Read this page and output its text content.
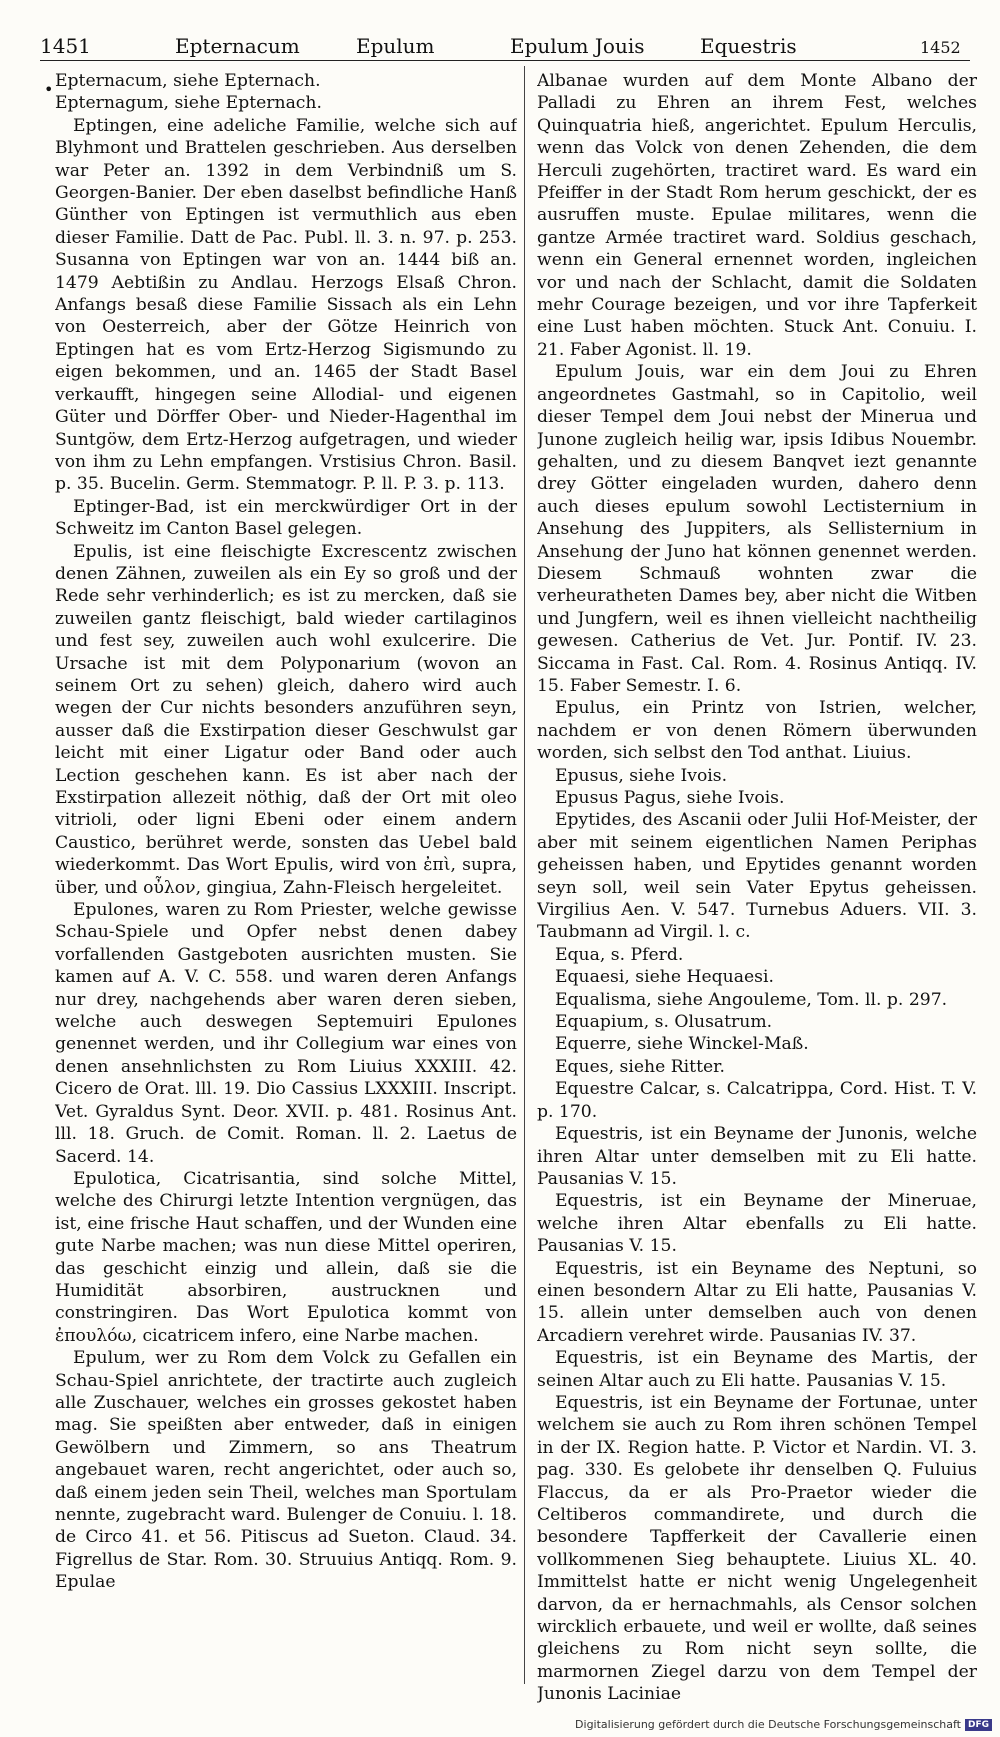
1451	Epternacum	Epulum	Epulum Jouis	Equestris	1452
• Epternacum, siehe Epternach.

Epternagum, siehe Epternach.

Eptingen, eine adeliche Familie, welche sich auf Blyhmont und Brattelen geschrieben. Aus derselben war Peter an. 1392 in dem Verbindniß um S. Georgen-Banier. Der eben daselbst befindliche Hanß Günther von Eptingen ist vermuthlich aus eben dieser Familie. Datt de Pac. Publ. ll. 3. n. 97. p. 253. Susanna von Eptingen war von an. 1444 biß an. 1479 Aebtißin zu Andlau. Herzogs Elsaß Chron. Anfangs besaß diese Familie Sissach als ein Lehn von Oesterreich, aber der Götze Heinrich von Eptingen hat es vom Ertz-Herzog Sigismundo zu eigen bekommen, und an. 1465 der Stadt Basel verkaufft, hingegen seine Allodial- und eigenen Güter und Dörffer Ober- und Nieder-Hagenthal im Suntgöw, dem Ertz-Herzog aufgetragen, und wieder von ihm zu Lehn empfangen. Vrstisius Chron. Basil. p. 35. Bucelin. Germ. Stemmatogr. P. ll. P. 3. p. 113.

Eptinger-Bad, ist ein merckwürdiger Ort in der Schweitz im Canton Basel gelegen.

Epulis, ist eine fleischigte Excrescentz zwischen denen Zähnen, zuweilen als ein Ey so groß und der Rede sehr verhinderlich; es ist zu mercken, daß sie zuweilen gantz fleischigt, bald wieder cartilaginos und fest sey, zuweilen auch wohl exulcerire. Die Ursache ist mit dem Polyponarium (wovon an seinem Ort zu sehen) gleich, dahero wird auch wegen der Cur nichts besonders anzuführen seyn, ausser daß die Exstirpation dieser Geschwulst gar leicht mit einer Ligatur oder Band oder auch Lection geschehen kann. Es ist aber nach der Exstirpation allezeit nöthig, daß der Ort mit oleo vitrioli, oder ligni Ebeni oder einem andern Caustico, berühret werde, sonsten das Uebel bald wiederkommt. Das Wort Epulis, wird von ἐπὶ, supra, über, und οὖλον, gingiua, Zahn-Fleisch hergeleitet.

Epulones, waren zu Rom Priester, welche gewisse Schau-Spiele und Opfer nebst denen dabey vorfallenden Gastgeboten ausrichten musten. Sie kamen auf A. V. C. 558. und waren deren Anfangs nur drey, nachgehends aber waren deren sieben, welche auch deswegen Septemuiri Epulones genennet werden, und ihr Collegium war eines von denen ansehnlichsten zu Rom Liuius XXXIII. 42. Cicero de Orat. lll. 19. Dio Cassius LXXXIII. Inscript. Vet. Gyraldus Synt. Deor. XVII. p. 481. Rosinus Ant. lll. 18. Gruch. de Comit. Roman. ll. 2. Laetus de Sacerd. 14.

Epulotica, Cicatrisantia, sind solche Mittel, welche des Chirurgi letzte Intention vergnügen, das ist, eine frische Haut schaffen, und der Wunden eine gute Narbe machen; was nun diese Mittel operiren, das geschicht einzig und allein, daß sie die Humidität absorbiren, austrucknen und constringiren. Das Wort Epulotica kommt von ἐπουλόω, cicatricem infero, eine Narbe machen.

Epulum, wer zu Rom dem Volck zu Gefallen ein Schau-Spiel anrichtete, der tractirte auch zugleich alle Zuschauer, welches ein grosses gekostet haben mag. Sie speißten aber entweder, daß in einigen Gewölbern und Zimmern, so ans Theatrum angebauet waren, recht angerichtet, oder auch so, daß einem jeden sein Theil, welches man Sportulam nennte, zugebracht ward. Bulenger de Conuiu. l. 18. de Circo 41. et 56. Pitiscus ad Sueton. Claud. 34. Figrellus de Star. Rom. 30. Struuius Antiqq. Rom. 9. Epulae

Albanae wurden auf dem Monte Albano der Palladi zu Ehren an ihrem Fest, welches Quinquatria hieß, angerichtet. Epulum Herculis, wenn das Volck von denen Zehenden, die dem Herculi zugehörten, tractiret ward. Es ward ein Pfeiffer in der Stadt Rom herum geschickt, der es ausruffen muste. Epulae militares, wenn die gantze Armée tractiret ward. Soldius geschach, wenn ein General ernennet worden, ingleichen vor und nach der Schlacht, damit die Soldaten mehr Courage bezeigen, und vor ihre Tapferkeit eine Lust haben möchten. Stuck Ant. Conuiu. I. 21. Faber Agonist. ll. 19.

Epulum Jouis, war ein dem Joui zu Ehren angeordnetes Gastmahl, so in Capitolio, weil dieser Tempel dem Joui nebst der Minerua und Junone zugleich heilig war, ipsis Idibus Nouembr. gehalten, und zu diesem Banqvet iezt genannte drey Götter eingeladen wurden, dahero denn auch dieses epulum sowohl Lectisternium in Ansehung des Juppiters, als Sellisternium in Ansehung der Juno hat können genennet werden. Diesem Schmauß wohnten zwar die verheuratheten Dames bey, aber nicht die Witben und Jungfern, weil es ihnen vielleicht nachtheilig gewesen. Catherius de Vet. Jur. Pontif. IV. 23. Siccama in Fast. Cal. Rom. 4. Rosinus Antiqq. IV. 15. Faber Semestr. I. 6.

Epulus, ein Printz von Istrien, welcher, nachdem er von denen Römern überwunden worden, sich selbst den Tod anthat. Liuius.

Epusus, siehe Ivois.

Epusus Pagus, siehe Ivois.

Epytides, des Ascanii oder Julii Hof-Meister, der aber mit seinem eigentlichen Namen Periphas geheissen haben, und Epytides genannt worden seyn soll, weil sein Vater Epytus geheissen. Virgilius Aen. V. 547. Turnebus Aduers. VII. 3. Taubmann ad Virgil. l. c.

Equa, s. Pferd.

Equaesi, siehe Hequaesi.

Equalisma, siehe Angouleme, Tom. ll. p. 297.

Equapium, s. Olusatrum.

Equerre, siehe Winckel-Maß.

Eques, siehe Ritter.

Equestre Calcar, s. Calcatrippa, Cord. Hist. T. V. p. 170.

Equestris, ist ein Beyname der Junonis, welche ihren Altar unter demselben mit zu Eli hatte. Pausanias V. 15.

Equestris, ist ein Beyname der Mineruae, welche ihren Altar ebenfalls zu Eli hatte. Pausanias V. 15.

Equestris, ist ein Beyname des Neptuni, so einen besondern Altar zu Eli hatte, Pausanias V. 15. allein unter demselben auch von denen Arcadiern verehret wirde. Pausanias IV. 37.

Equestris, ist ein Beyname des Martis, der seinen Altar auch zu Eli hatte. Pausanias V. 15.

Equestris, ist ein Beyname der Fortunae, unter welchem sie auch zu Rom ihren schönen Tempel in der IX. Region hatte. P. Victor et Nardin. VI. 3. pag. 330. Es gelobete ihr denselben Q. Fuluius Flaccus, da er als Pro-Praetor wieder die Celtiberos commandirete, und durch die besondere Tapfferkeit der Cavallerie einen vollkommenen Sieg behauptete. Liuius XL. 40. Immittelst hatte er nicht wenig Ungelegenheit darvon, da er hernachmahls, als Censor solchen wircklich erbauete, und weil er wollte, daß seines gleichens zu Rom nicht seyn sollte, die marmornen Ziegel darzu von dem Tempel der Junonis Laciniae

Digitalisierung gefördert durch die Deutsche Forschungsgemeinschaft DFG
